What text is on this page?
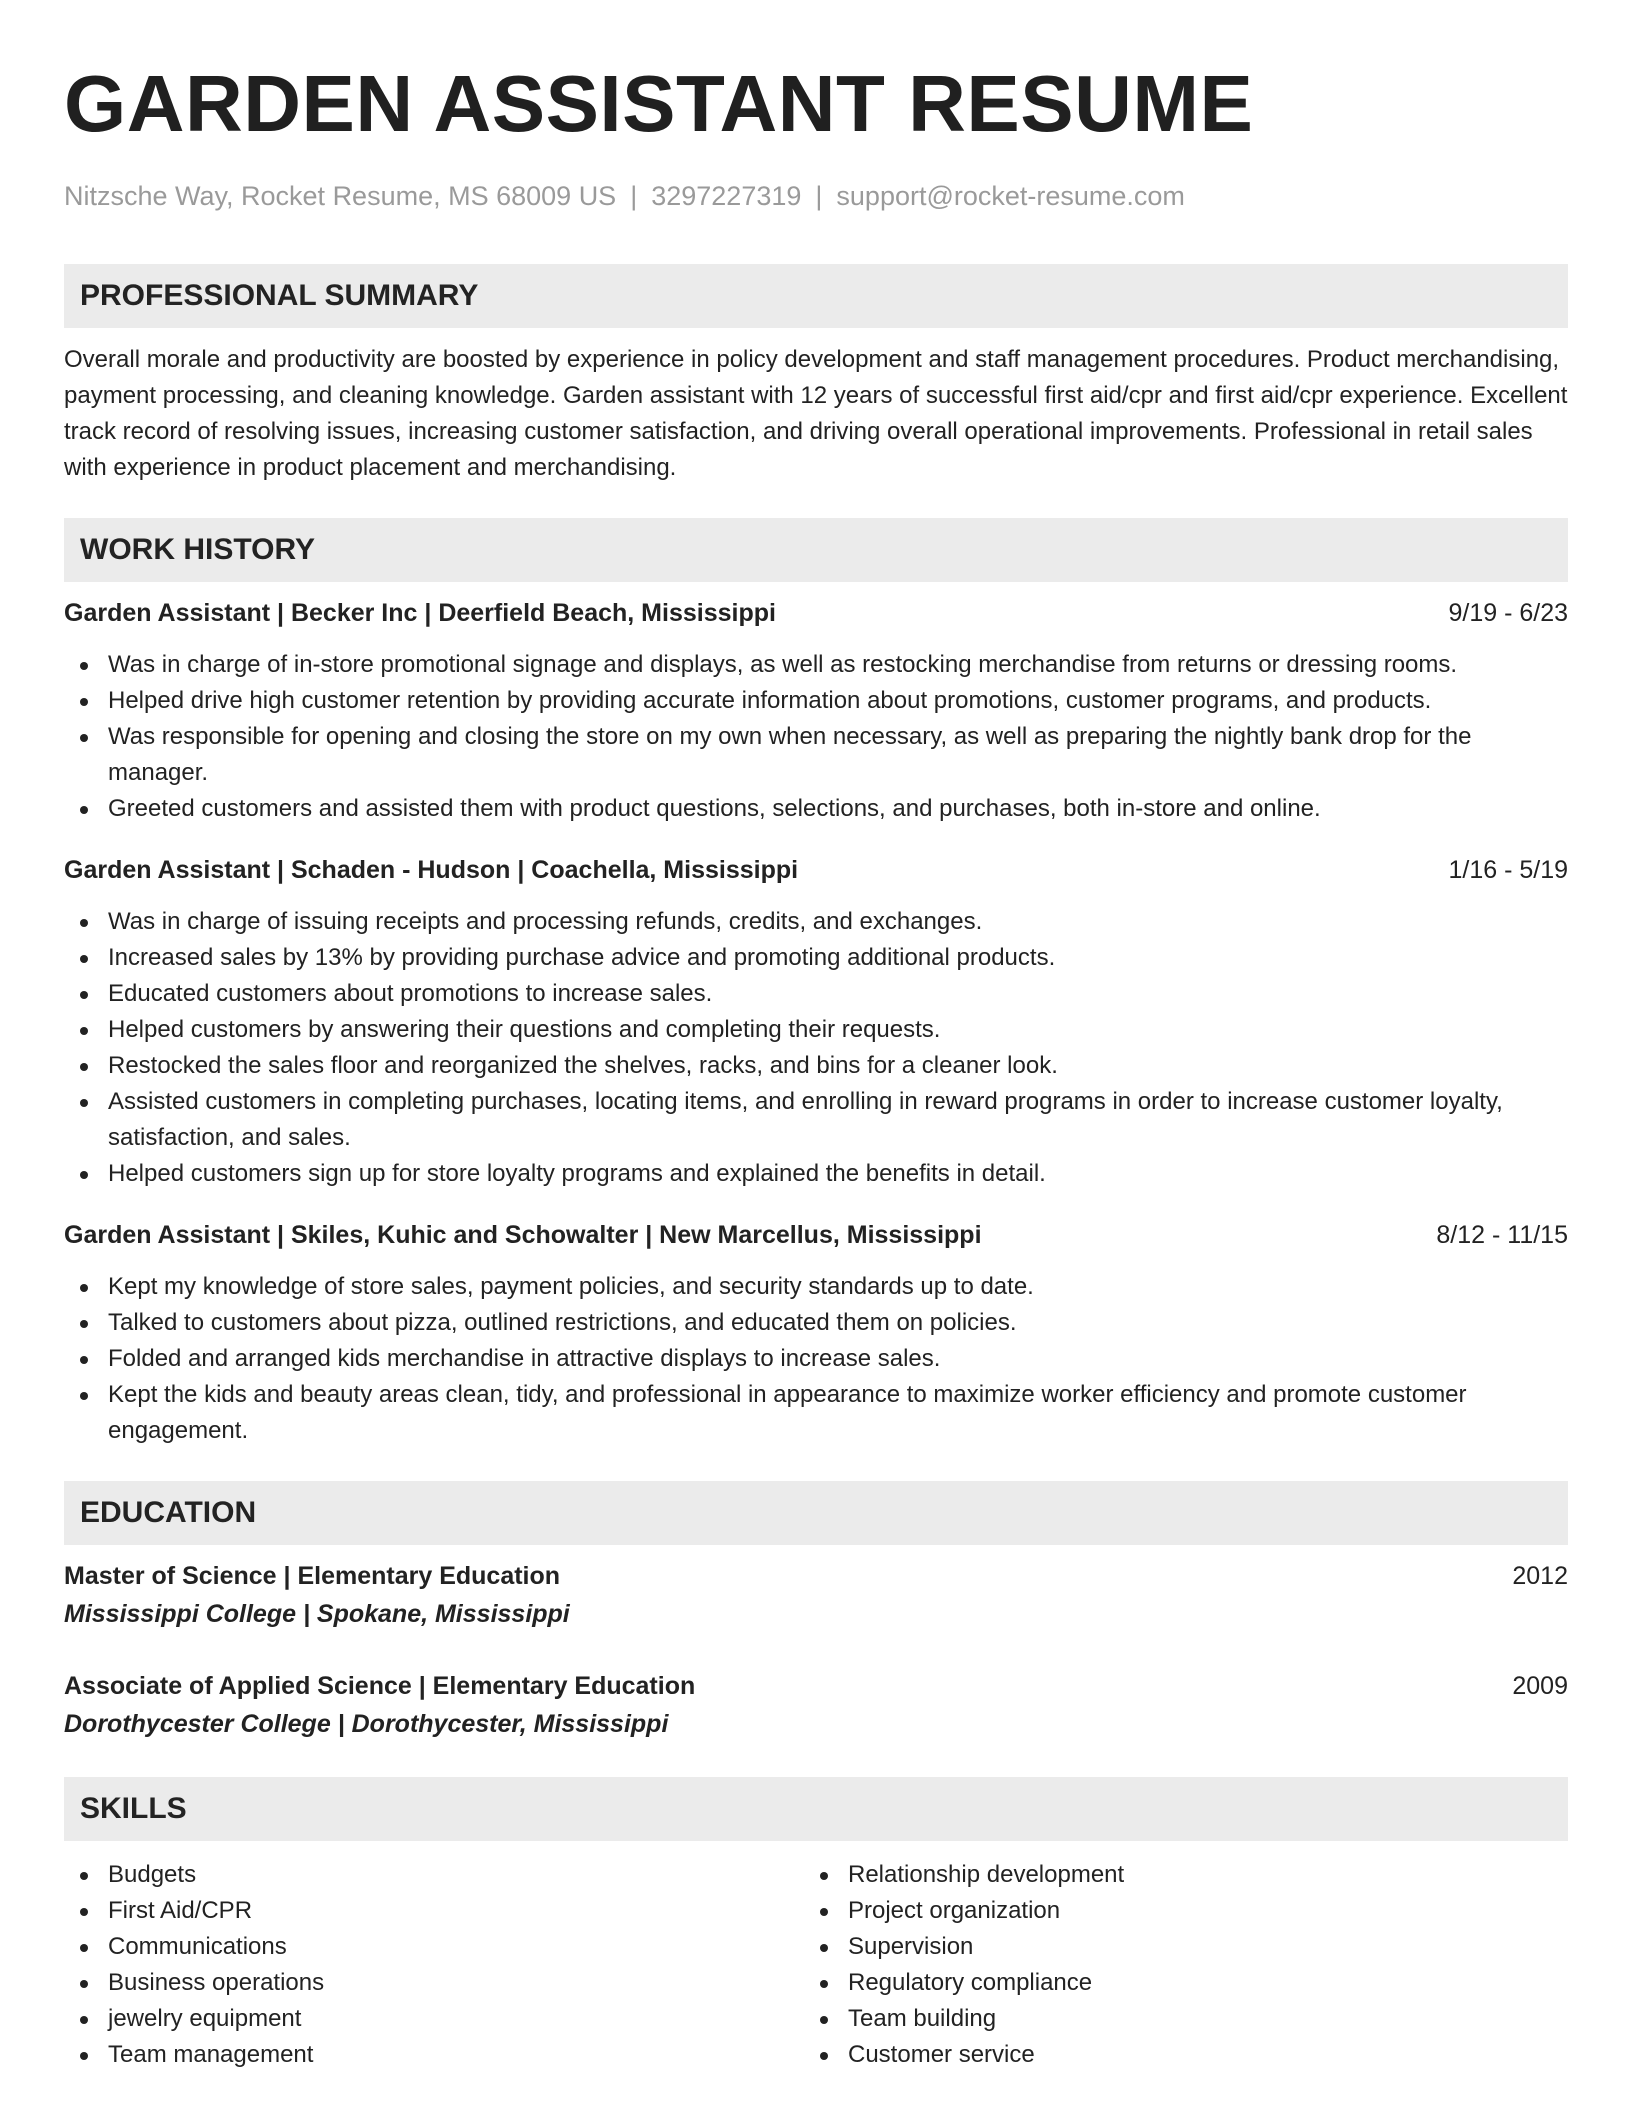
GARDEN ASSISTANT RESUME
Nitzsche Way, Rocket Resume, MS 68009 US | 3297227319 | support@rocket-resume.com
PROFESSIONAL SUMMARY

Overall morale and productivity are boosted by experience in policy development and staff management procedures. Product merchandising, payment processing, and cleaning knowledge. Garden assistant with 12 years of successful first aid/cpr and first aid/cpr experience. Excellent track record of resolving issues, increasing customer satisfaction, and driving overall operational improvements. Professional in retail sales with experience in product placement and merchandising.

WORK HISTORY
Garden Assistant | Becker Inc | Deerfield Beach, Mississippi	9/19 - 6/23
Was in charge of in-store promotional signage and displays, as well as restocking merchandise from returns or dressing rooms.
Helped drive high customer retention by providing accurate information about promotions, customer programs, and products.
Was responsible for opening and closing the store on my own when necessary, as well as preparing the nightly bank drop for the manager.
Greeted customers and assisted them with product questions, selections, and purchases, both in-store and online.
Garden Assistant | Schaden - Hudson | Coachella, Mississippi	1/16 - 5/19
Was in charge of issuing receipts and processing refunds, credits, and exchanges.
Increased sales by 13% by providing purchase advice and promoting additional products.
Educated customers about promotions to increase sales.
Helped customers by answering their questions and completing their requests.
Restocked the sales floor and reorganized the shelves, racks, and bins for a cleaner look.
Assisted customers in completing purchases, locating items, and enrolling in reward programs in order to increase customer loyalty, satisfaction, and sales.
Helped customers sign up for store loyalty programs and explained the benefits in detail.
Garden Assistant | Skiles, Kuhic and Schowalter | New Marcellus, Mississippi	8/12 - 11/15
Kept my knowledge of store sales, payment policies, and security standards up to date.
Talked to customers about pizza, outlined restrictions, and educated them on policies.
Folded and arranged kids merchandise in attractive displays to increase sales.
Kept the kids and beauty areas clean, tidy, and professional in appearance to maximize worker efficiency and promote customer engagement.
EDUCATION
Master of Science | Elementary Education	2012
Mississippi College | Spokane, Mississippi
Associate of Applied Science | Elementary Education	2009
Dorothycester College | Dorothycester, Mississippi
SKILLS
Budgets
First Aid/CPR
Communications
Business operations
jewelry equipment
Team management
Relationship development
Project organization
Supervision
Regulatory compliance
Team building
Customer service
